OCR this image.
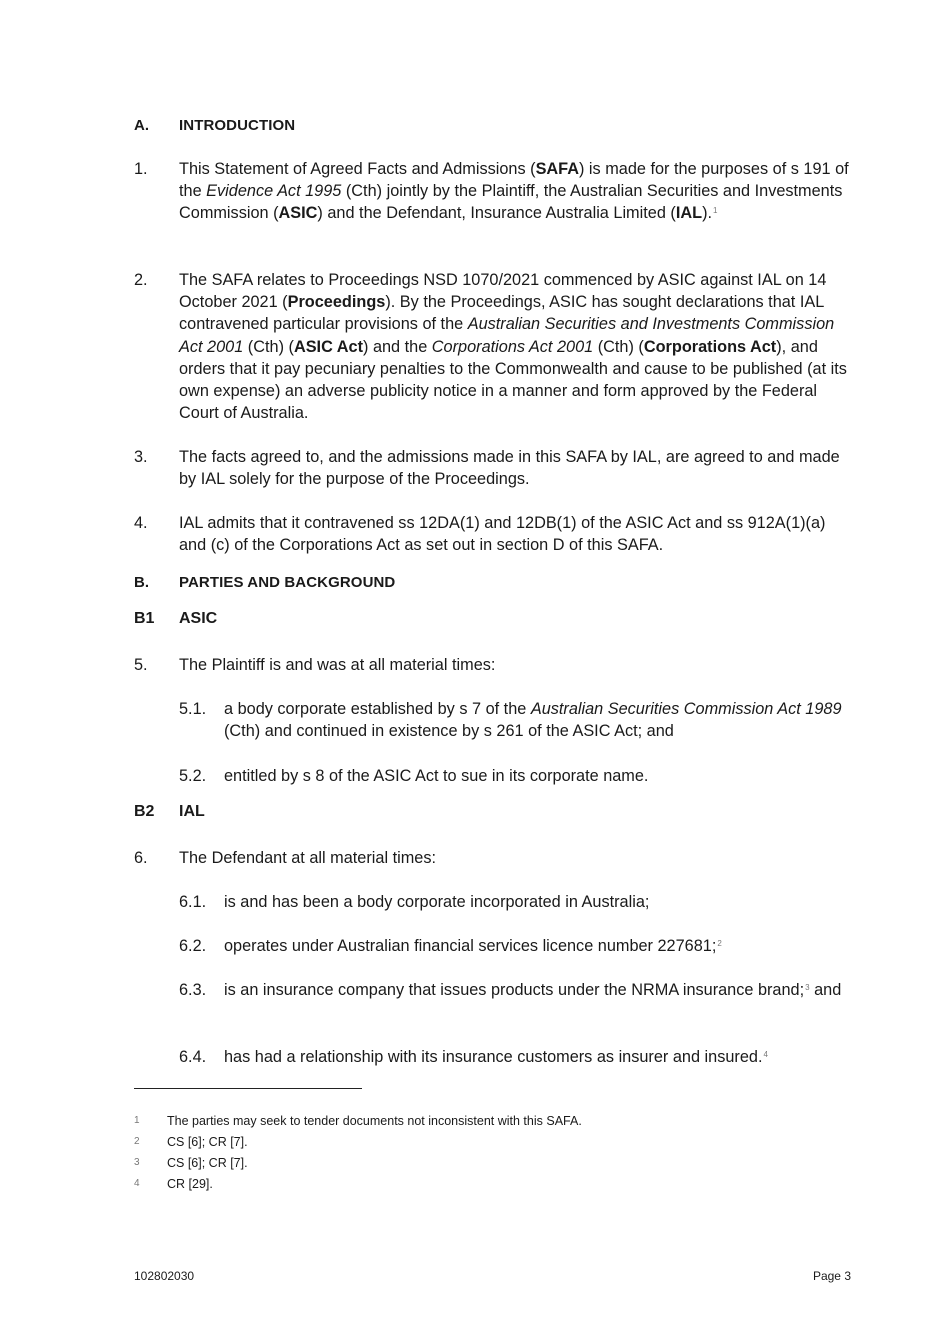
A. INTRODUCTION
1. This Statement of Agreed Facts and Admissions (SAFA) is made for the purposes of s 191 of the Evidence Act 1995 (Cth) jointly by the Plaintiff, the Australian Securities and Investments Commission (ASIC) and the Defendant, Insurance Australia Limited (IAL).$^1$
2. The SAFA relates to Proceedings NSD 1070/2021 commenced by ASIC against IAL on 14 October 2021 (Proceedings). By the Proceedings, ASIC has sought declarations that IAL contravened particular provisions of the Australian Securities and Investments Commission Act 2001 (Cth) (ASIC Act) and the Corporations Act 2001 (Cth) (Corporations Act), and orders that it pay pecuniary penalties to the Commonwealth and cause to be published (at its own expense) an adverse publicity notice in a manner and form approved by the Federal Court of Australia.
3. The facts agreed to, and the admissions made in this SAFA by IAL, are agreed to and made by IAL solely for the purpose of the Proceedings.
4. IAL admits that it contravened ss 12DA(1) and 12DB(1) of the ASIC Act and ss 912A(1)(a) and (c) of the Corporations Act as set out in section D of this SAFA.
B. PARTIES AND BACKGROUND
B1 ASIC
5. The Plaintiff is and was at all material times:
5.1. a body corporate established by s 7 of the Australian Securities Commission Act 1989 (Cth) and continued in existence by s 261 of the ASIC Act; and
5.2. entitled by s 8 of the ASIC Act to sue in its corporate name.
B2 IAL
6. The Defendant at all material times:
6.1. is and has been a body corporate incorporated in Australia;
6.2. operates under Australian financial services licence number 227681;$^2$
6.3. is an insurance company that issues products under the NRMA insurance brand;$^3$ and
6.4. has had a relationship with its insurance customers as insurer and insured.$^4$
1 The parties may seek to tender documents not inconsistent with this SAFA.
2 CS [6]; CR [7].
3 CS [6]; CR [7].
4 CR [29].
102802030	Page 3
